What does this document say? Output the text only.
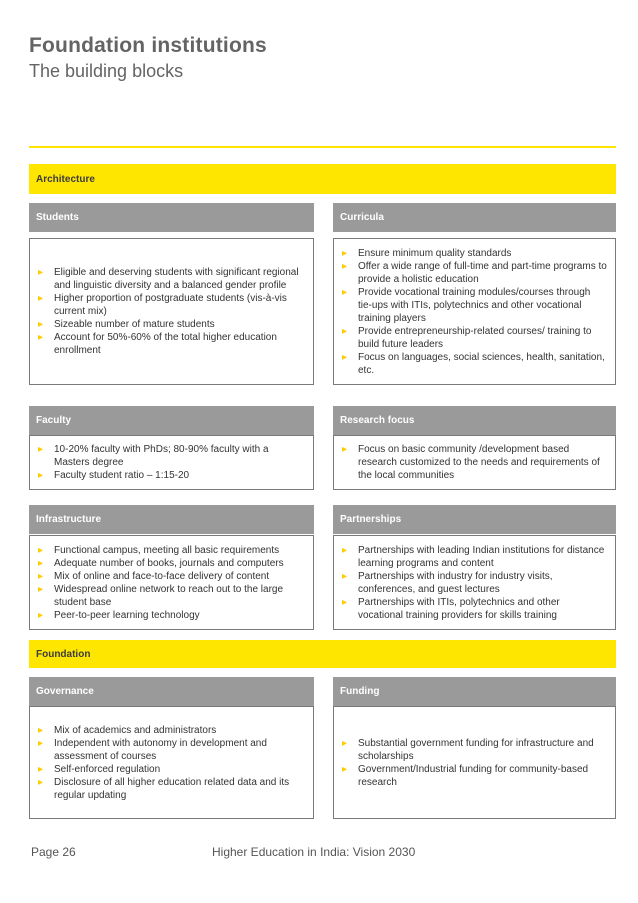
Foundation institutions
The building blocks
Architecture
Students
▸ Eligible and deserving students with significant regional and linguistic diversity and a balanced gender profile
▸ Higher proportion of postgraduate students (vis-à-vis current mix)
▸ Sizeable number of mature students
▸ Account for 50%-60% of the total higher education enrollment
Curricula
▸ Ensure minimum quality standards
▸ Offer a wide range of full-time and part-time programs to provide a holistic education
▸ Provide vocational training modules/courses through tie-ups with ITIs, polytechnics and other vocational training players
▸ Provide entrepreneurship-related courses/ training to build future leaders
▸ Focus on languages, social sciences, health, sanitation, etc.
Faculty
▸ 10-20% faculty with PhDs; 80-90% faculty with a Masters degree
▸ Faculty student ratio – 1:15-20
Research focus
▸ Focus on basic community /development based research customized to the needs and requirements of the local communities
Infrastructure
▸ Functional campus, meeting all basic requirements
▸ Adequate number of books, journals and computers
▸ Mix of online and face-to-face delivery of content
▸ Widespread online network to reach out to the large student base
▸ Peer-to-peer learning technology
Partnerships
▸ Partnerships with leading Indian institutions for distance learning programs and content
▸ Partnerships with industry for industry visits, conferences, and guest lectures
▸ Partnerships with ITIs, polytechnics and other vocational training providers for skills training
Foundation
Governance
▸ Mix of academics and administrators
▸ Independent with autonomy in development and assessment of courses
▸ Self-enforced regulation
▸ Disclosure of all higher education related data and its regular updating
Funding
▸ Substantial government funding for infrastructure and scholarships
▸ Government/Industrial funding for community-based research
Page 26	Higher Education in India: Vision 2030
